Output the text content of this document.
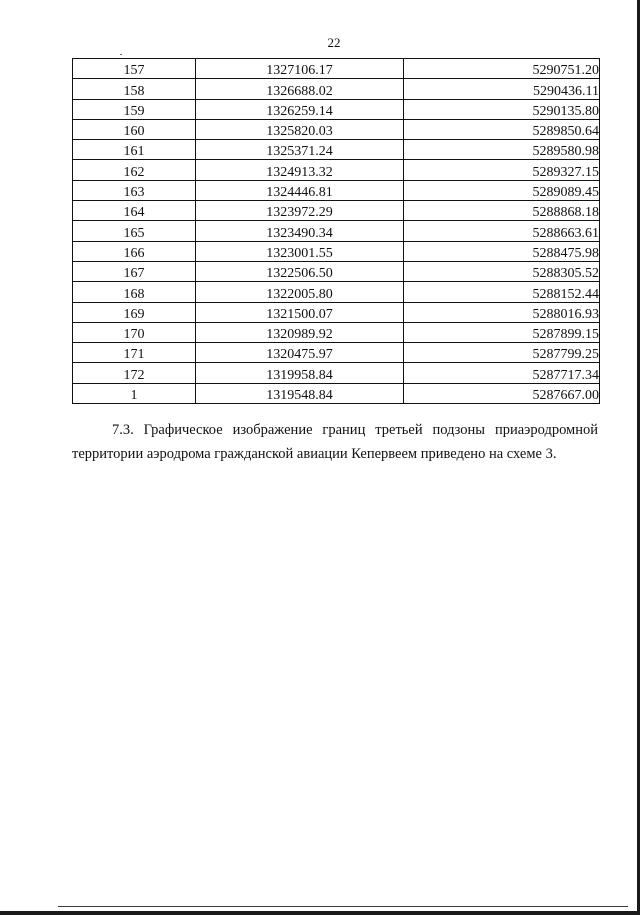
22
157	1327106.17	5290751.20
158	1326688.02	5290436.11
159	1326259.14	5290135.80
160	1325820.03	5289850.64
161	1325371.24	5289580.98
162	1324913.32	5289327.15
163	1324446.81	5289089.45
164	1323972.29	5288868.18
165	1323490.34	5288663.61
166	1323001.55	5288475.98
167	1322506.50	5288305.52
168	1322005.80	5288152.44
169	1321500.07	5288016.93
170	1320989.92	5287899.15
171	1320475.97	5287799.25
172	1319958.84	5287717.34
1	1319548.84	5287667.00
7.3. Графическое изображение границ третьей подзоны приаэродромной территории аэродрома гражданской авиации Кепервеем приведено на схеме 3.
